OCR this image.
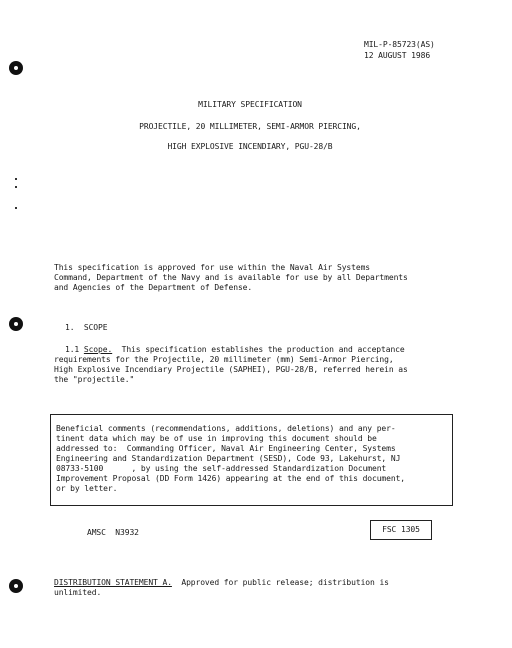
MIL-P-85723(AS)
12 AUGUST 1986
MILITARY SPECIFICATION
PROJECTILE, 20 MILLIMETER, SEMI-ARMOR PIERCING,
HIGH EXPLOSIVE INCENDIARY, PGU-28/B
This specification is approved for use within the Naval Air Systems
Command, Department of the Navy and is available for use by all Departments
and Agencies of the Department of Defense.
1.  SCOPE
1.1 Scope.  This specification establishes the production and acceptance
requirements for the Projectile, 20 millimeter (mm) Semi-Armor Piercing,
High Explosive Incendiary Projectile (SAPHEI), PGU-28/B, referred herein as
the "projectile."
Beneficial comments (recommendations, additions, deletions) and any per-
tinent data which may be of use in improving this document should be
addressed to:  Commanding Officer, Naval Air Engineering Center, Systems
Engineering and Standardization Department (SESD), Code 93, Lakehurst, NJ
08733-5100      , by using the self-addressed Standardization Document
Improvement Proposal (DD Form 1426) appearing at the end of this document,
or by letter.
AMSC  N3932	FSC 1305
DISTRIBUTION STATEMENT A.  Approved for public release; distribution is
unlimited.
